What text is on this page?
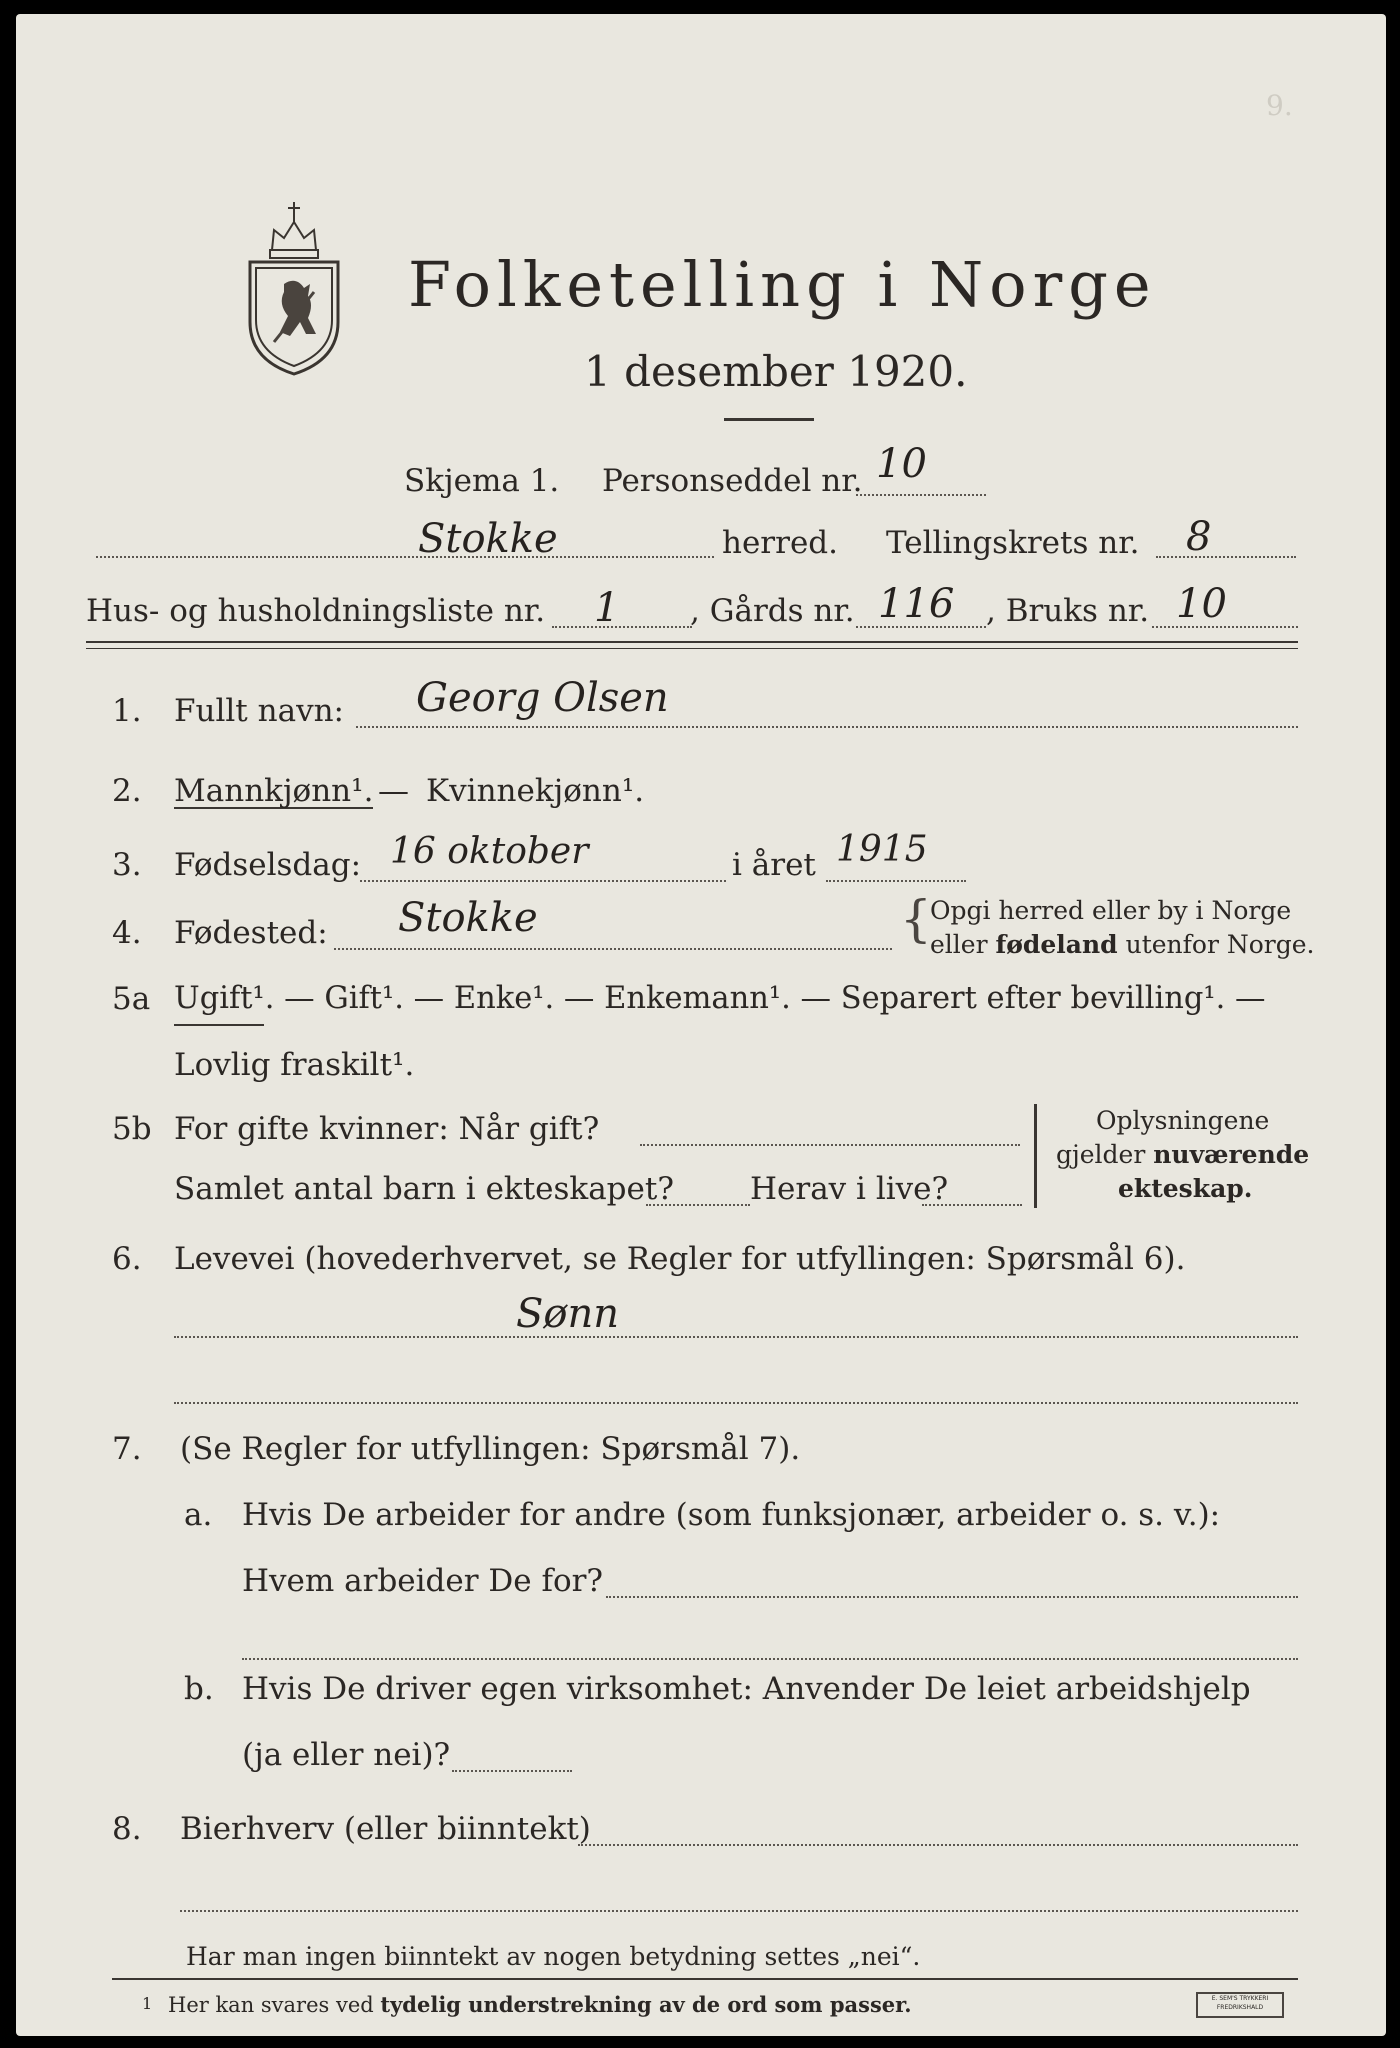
9.
Folketelling i Norge
1 desember 1920.
Skjema 1. Personseddel nr. 10
Stokke	herred. Tellingskrets nr. 8
Hus- og husholdningsliste nr. 1 , Gårds nr. 116 , Bruks nr. 10
1. Fullt navn: Georg Olsen
2. Mannkjønn¹. — Kvinnekjønn¹.
3. Fødselsdag: 16 oktober	i året 1915
4. Fødested: Stokke	{
Opgi herred eller by i Norge
eller fødeland utenfor Norge.
5a Ugift¹. — Gift¹. — Enke¹. — Enkemann¹. — Separert efter bevilling¹. —
Lovlig fraskilt¹.
5b For gifte kvinner: Når gift?
Samlet antal barn i ekteskapet? Herav i live?
Oplysningene
gjelder nuværende
ekteskap.
6. Levevei (hovederhvervet, se Regler for utfyllingen: Spørsmål 6).
Sønn
7. (Se Regler for utfyllingen: Spørsmål 7).
a. Hvis De arbeider for andre (som funksjonær, arbeider o. s. v.):
Hvem arbeider De for?
b. Hvis De driver egen virksomhet: Anvender De leiet arbeidshjelp
(ja eller nei)?
8. Bierhverv (eller biinntekt)
Har man ingen biinntekt av nogen betydning settes „nei“.
1 Her kan svares ved tydelig understrekning av de ord som passer.	E. SEM'S TRYKKERI FREDRIKSHALD
